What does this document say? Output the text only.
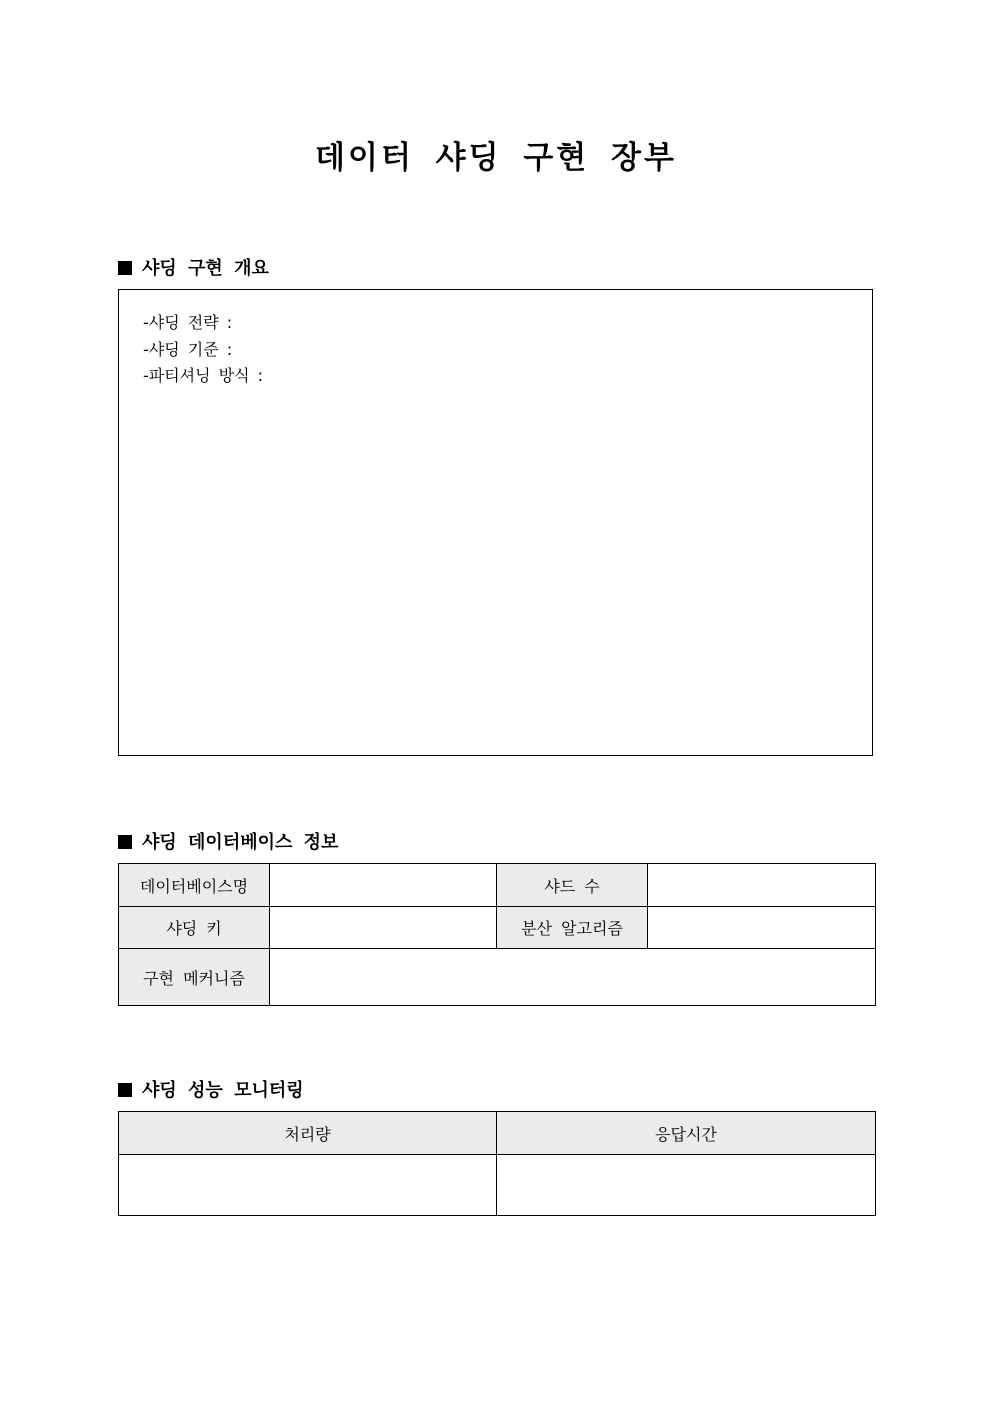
데이터 샤딩 구현 장부
샤딩 구현 개요
-샤딩 전략 :
-샤딩 기준 :
-파티셔닝 방식 :
샤딩 데이터베이스 정보
데이터베이스명		샤드 수	
샤딩 키		분산 알고리즘	
구현 메커니즘			
샤딩 성능 모니터링
처리량	응답시간
